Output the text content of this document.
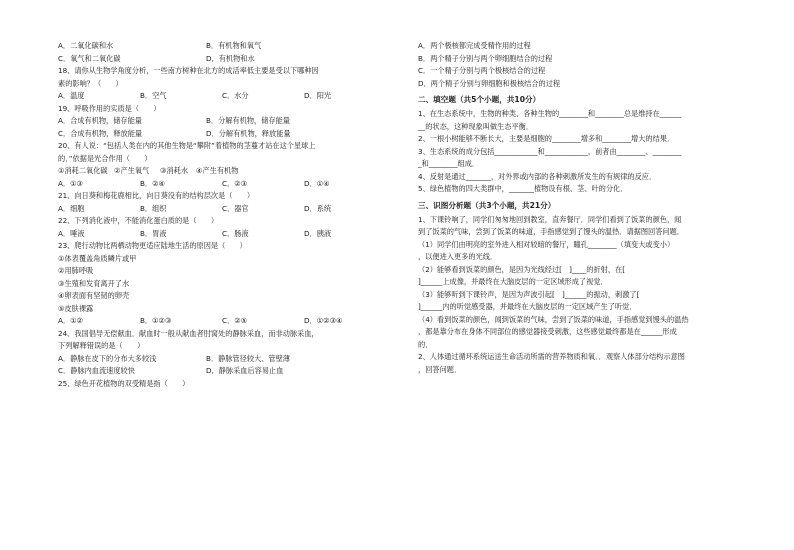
A．二氧化碳和水	B．有机物和氧气
C．氧气和二氧化碳	D．有机物和水
18、请你从生物学角度分析，一些南方树种在北方的成活率低主要是受以下哪种因
素的影响？（　　）
A．温度	B．空气	C．水分	D．阳光
19、呼吸作用的实质是（　　）
A．合成有机物，储存能量	B．分解有机物，储存能量
C．合成有机物，释放能量	D．分解有机物，释放能量
20、有人说：“包括人类在内的其他生物是“攀附”着植物的茎蔓才站在这个星球上
的．”依据是光合作用（　　）
①消耗二氧化碳 ②产生氧气	③消耗水	④产生有机物
A．①③	B．②④	C．②③	D．①④
21、向日葵和梅花鹿相比，向日葵没有的结构层次是（　　）
A．细胞	B．组织	C．器官	D．系统
22、下列消化液中，不能消化蛋白质的是（　　）
A．唾液	B．胃液	C．肠液	D．胰液
23、爬行动物比两栖动物更适应陆地生活的原因是（　　）
①体表覆盖角质鳞片或甲
②用肺呼吸
③生殖和发育离开了水
④卵表面有坚韧的卵壳
⑤皮肤裸露
A．①②	B．①②③	C．②⑤	D．①②③④
24、我国倡导无偿献血．献血时一般从献血者肘窝处的静脉采血，而非动脉采血，
下列解释错误的是（　　）
A．静脉在皮下的分布大多较浅	B．静脉管径较大、管壁薄
C．静脉内血流速度较快	D．静脉采血后容易止血
25、绿色开花植物的双受精是指（　　）
A．两个极核都完成受精作用的过程
B．两个精子分别与两个卵细胞结合的过程
C．一个精子分别与两个极核结合的过程
D．两个精子分别与卵细胞和极核结合的过程
二、填空题（共5个小题，共10分）
1、在生态系统中，生物的种类、各种生物的________和________总是维持在______
__的状态，这种现象叫做生态平衡．
2、一根小树能够不断长大，主要是细胞的________增多和________增大的结果．
3、生态系统的成分包括____________和____________，前者由________、________
_和________组成．
4、反射是通过_______，对外界或内部的各种刺激所发生的有规律的反应．
5、绿色植物的四大类群中，_______植物设有根、茎、叶的分化．
三、识图分析题（共3个小题，共21分）
1、下课铃响了，同学们匆匆地回到教室，直奔餐厅．同学们看到了饭菜的颜色，闻
到了饭菜的气味，尝到了饭菜的味道，手指感觉到了馒头的温热．请据图回答问题．
（1）同学们由明亮的室外进入相对较暗的餐厅，瞳孔________（填变大或变小）
，以便进入更多的光线．
（2）能够看到饭菜的颜色，是因为光线经过[　]____的折射，在[
]______上成像，并最终在大脑皮层的一定区域形成了视觉．
（3）能够听到下课铃声，是因为声波引起[　]______的振动，刺激了[
]______内的听觉感受器，并最终在大脑皮层的一定区域产生了听觉．
（4）看到饭菜的颜色，闻到饭菜的气味，尝到了饭菜的味道，手指感觉到馒头的温热
，都是靠分布在身体不同部位的感觉器接受刺激，这些感觉最终都是在______形成
的．
2、人体通过循环系统运送生命活动所需的营养物质和氧．．观察人体部分结构示意图
，回答问题．
